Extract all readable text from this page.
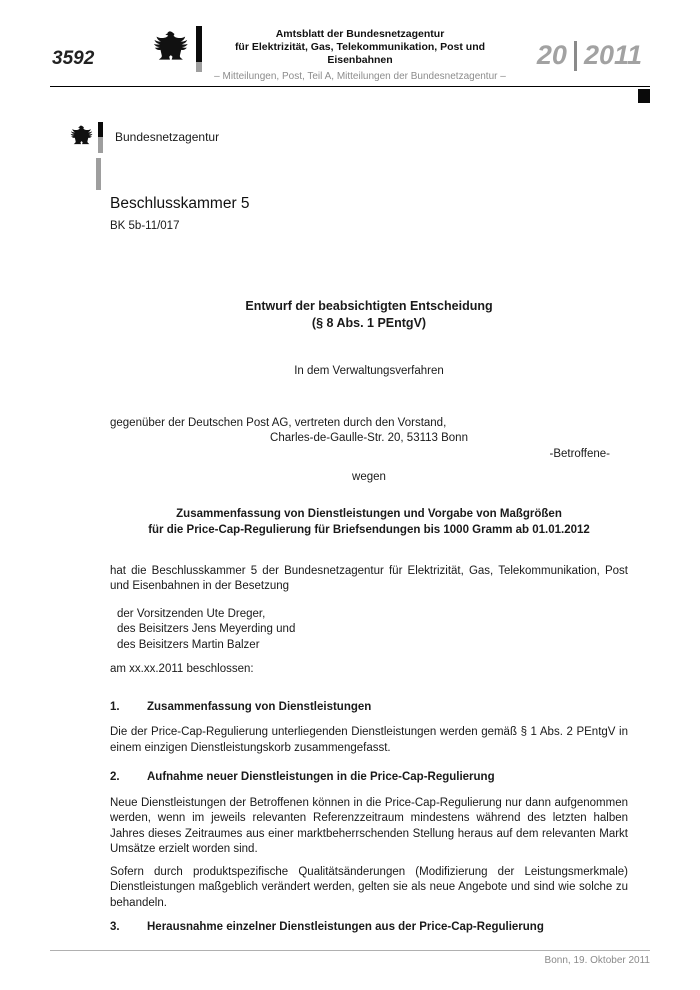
3592
Amtsblatt der Bundesnetzagentur
für Elektrizität, Gas, Telekommunikation, Post und Eisenbahnen
– Mitteilungen, Post, Teil A, Mitteilungen der Bundesnetzagentur –
20 2011
Bundesnetzagentur
Beschlusskammer 5
BK 5b-11/017
Entwurf der beabsichtigten Entscheidung
(§ 8 Abs. 1 PEntgV)
In dem Verwaltungsverfahren
gegenüber der Deutschen Post AG, vertreten durch den Vorstand,
Charles-de-Gaulle-Str. 20, 53113 Bonn
-Betroffene-
wegen
Zusammenfassung von Dienstleistungen und Vorgabe von Maßgrößen
für die Price-Cap-Regulierung für Briefsendungen bis 1000 Gramm ab 01.01.2012
hat die Beschlusskammer 5 der Bundesnetzagentur für Elektrizität, Gas, Telekommunikation, Post und Eisenbahnen in der Besetzung
der Vorsitzenden Ute Dreger,
des Beisitzers Jens Meyerding und
des Beisitzers Martin Balzer
am xx.xx.2011 beschlossen:
1.	Zusammenfassung von Dienstleistungen
Die der Price-Cap-Regulierung unterliegenden Dienstleistungen werden gemäß § 1 Abs. 2 PEntgV in einem einzigen Dienstleistungskorb zusammengefasst.
2.	Aufnahme neuer Dienstleistungen in die Price-Cap-Regulierung
Neue Dienstleistungen der Betroffenen können in die Price-Cap-Regulierung nur dann aufgenommen werden, wenn im jeweils relevanten Referenzzeitraum mindestens während des letzten halben Jahres dieses Zeitraumes aus einer marktbeherrschenden Stellung heraus auf dem relevanten Markt Umsätze erzielt worden sind.
Sofern durch produktspezifische Qualitätsänderungen (Modifizierung der Leistungsmerkmale) Dienstleistungen maßgeblich verändert werden, gelten sie als neue Angebote und sind wie solche zu behandeln.
3.	Herausnahme einzelner Dienstleistungen aus der Price-Cap-Regulierung
Bonn, 19. Oktober 2011
